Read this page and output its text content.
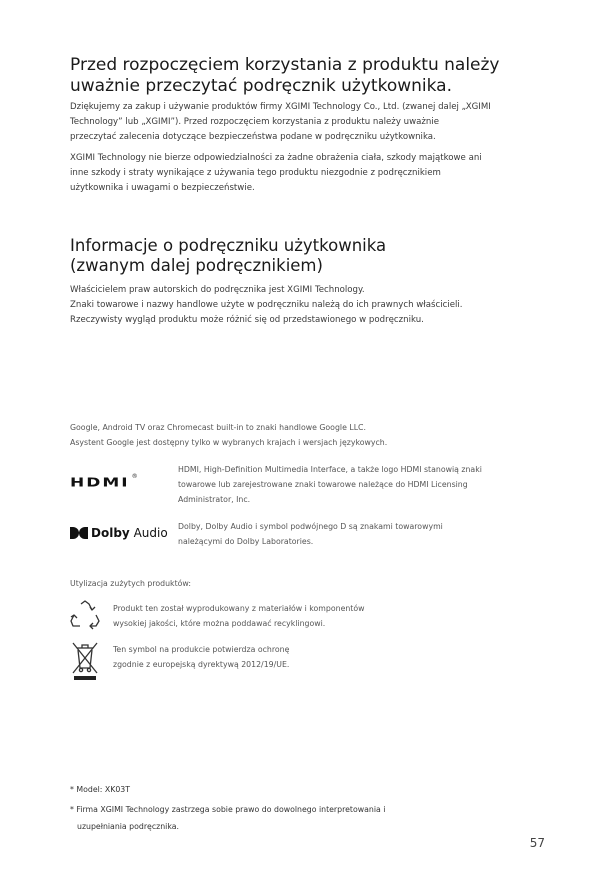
Przed rozpoczęciem korzystania z produktu należy
uważnie przeczytać podręcznik użytkownika.

Dziękujemy za zakup i używanie produktów firmy XGIMI Technology Co., Ltd. (zwanej dalej „XGIMI
Technology” lub „XGIMI”). Przed rozpoczęciem korzystania z produktu należy uważnie
przeczytać zalecenia dotyczące bezpieczeństwa podane w podręczniku użytkownika.

XGIMI Technology nie bierze odpowiedzialności za żadne obrażenia ciała, szkody majątkowe ani
inne szkody i straty wynikające z używania tego produktu niezgodnie z podręcznikiem
użytkownika i uwagami o bezpieczeństwie.

Informacje o podręczniku użytkownika
(zwanym dalej podręcznikiem)

Właścicielem praw autorskich do podręcznika jest XGIMI Technology.
Znaki towarowe i nazwy handlowe użyte w podręczniku należą do ich prawnych właścicieli.
Rzeczywisty wygląd produktu może różnić się od przedstawionego w podręczniku.

Google, Android TV oraz Chromecast built-in to znaki handlowe Google LLC.
Asystent Google jest dostępny tylko w wybranych krajach i wersjach językowych.

HDMI ®

HDMI, High-Definition Multimedia Interface, a także logo HDMI stanowią znaki
towarowe lub zarejestrowane znaki towarowe należące do HDMI Licensing
Administrator, Inc.

Dolby Audio Dolby, Dolby Audio i symbol podwójnego D są znakami towarowymi
należącymi do Dolby Laboratories.

Utylizacja zużytych produktów:

Produkt ten został wyprodukowany z materiałów i komponentów
wysokiej jakości, które można poddawać recyklingowi.

Ten symbol na produkcie potwierdza ochronę
zgodnie z europejską dyrektywą 2012/19/UE.

* Model: XK03T

* Firma XGIMI Technology zastrzega sobie prawo do dowolnego interpretowania i
uzupełniania podręcznika.

57
